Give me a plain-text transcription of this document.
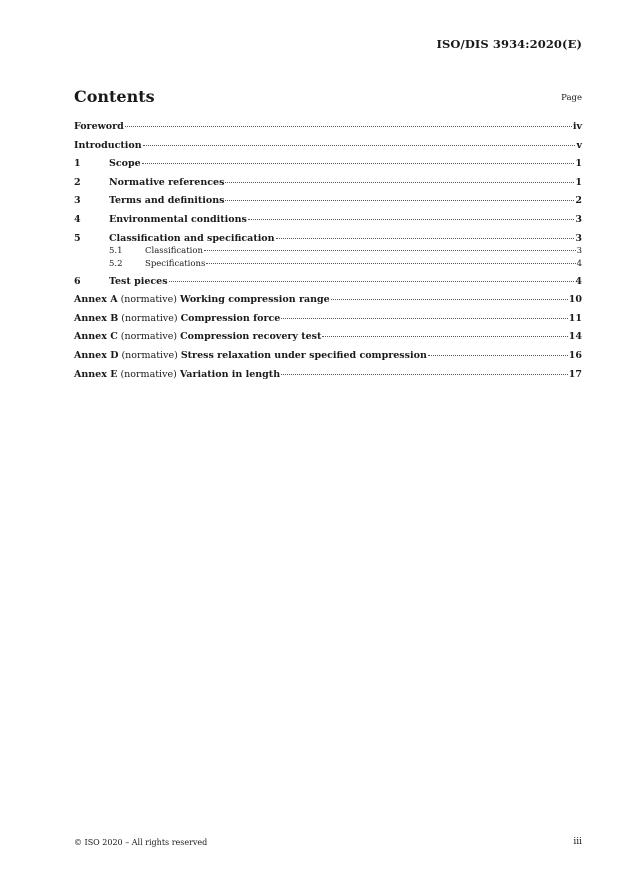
ISO/DIS 3934:2020(E)
Contents	Page
Foreword	iv
Introduction	v
1	Scope	1
2	Normative references	1
3	Terms and definitions	2
4	Environmental conditions	3
5	Classification and specification	3
5.1	Classification	3
5.2	Specifications	4
6	Test pieces	4
Annex A (normative) Working compression range	10
Annex B (normative) Compression force	11
Annex C (normative) Compression recovery test	14
Annex D (normative) Stress relaxation under specified compression	16
Annex E (normative) Variation in length	17
© ISO 2020 – All rights reserved	iii
